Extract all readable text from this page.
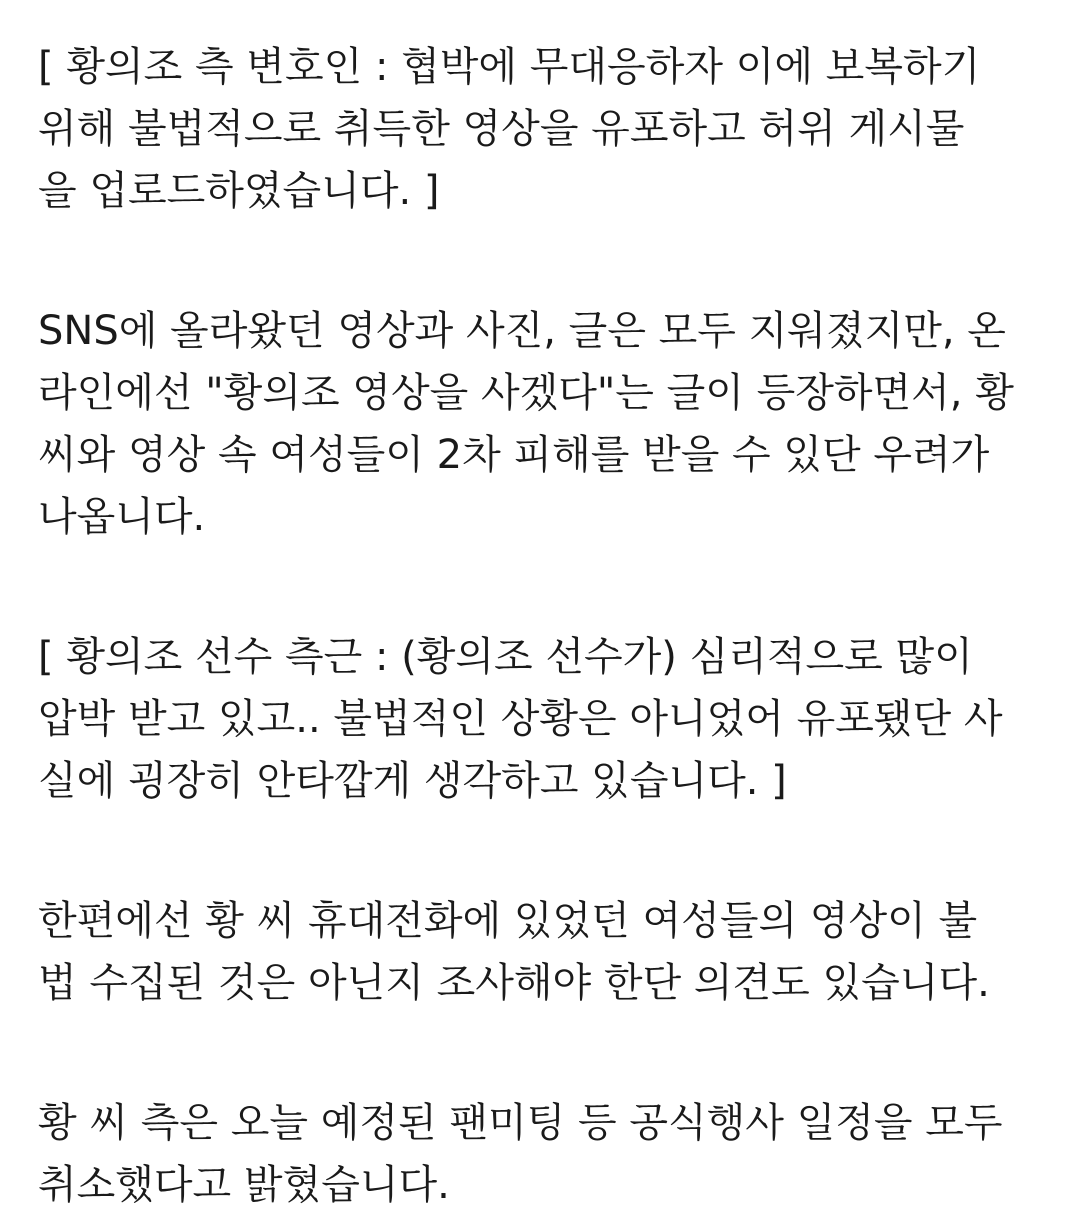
[ 황의조 측 변호인 : 협박에 무대응하자 이에 보복하기
위해 불법적으로 취득한 영상을 유포하고 허위 게시물
을 업로드하였습니다. ]
SNS에 올라왔던 영상과 사진, 글은 모두 지워졌지만, 온
라인에선 "황의조 영상을 사겠다"는 글이 등장하면서, 황
씨와 영상 속 여성들이 2차 피해를 받을 수 있단 우려가
나옵니다.
[ 황의조 선수 측근 : (황의조 선수가) 심리적으로 많이
압박 받고 있고.. 불법적인 상황은 아니었어 유포됐단 사
실에 굉장히 안타깝게 생각하고 있습니다. ]
한편에선 황 씨 휴대전화에 있었던 여성들의 영상이 불
법 수집된 것은 아닌지 조사해야 한단 의견도 있습니다.
황 씨 측은 오늘 예정된 팬미팅 등 공식행사 일정을 모두
취소했다고 밝혔습니다.
